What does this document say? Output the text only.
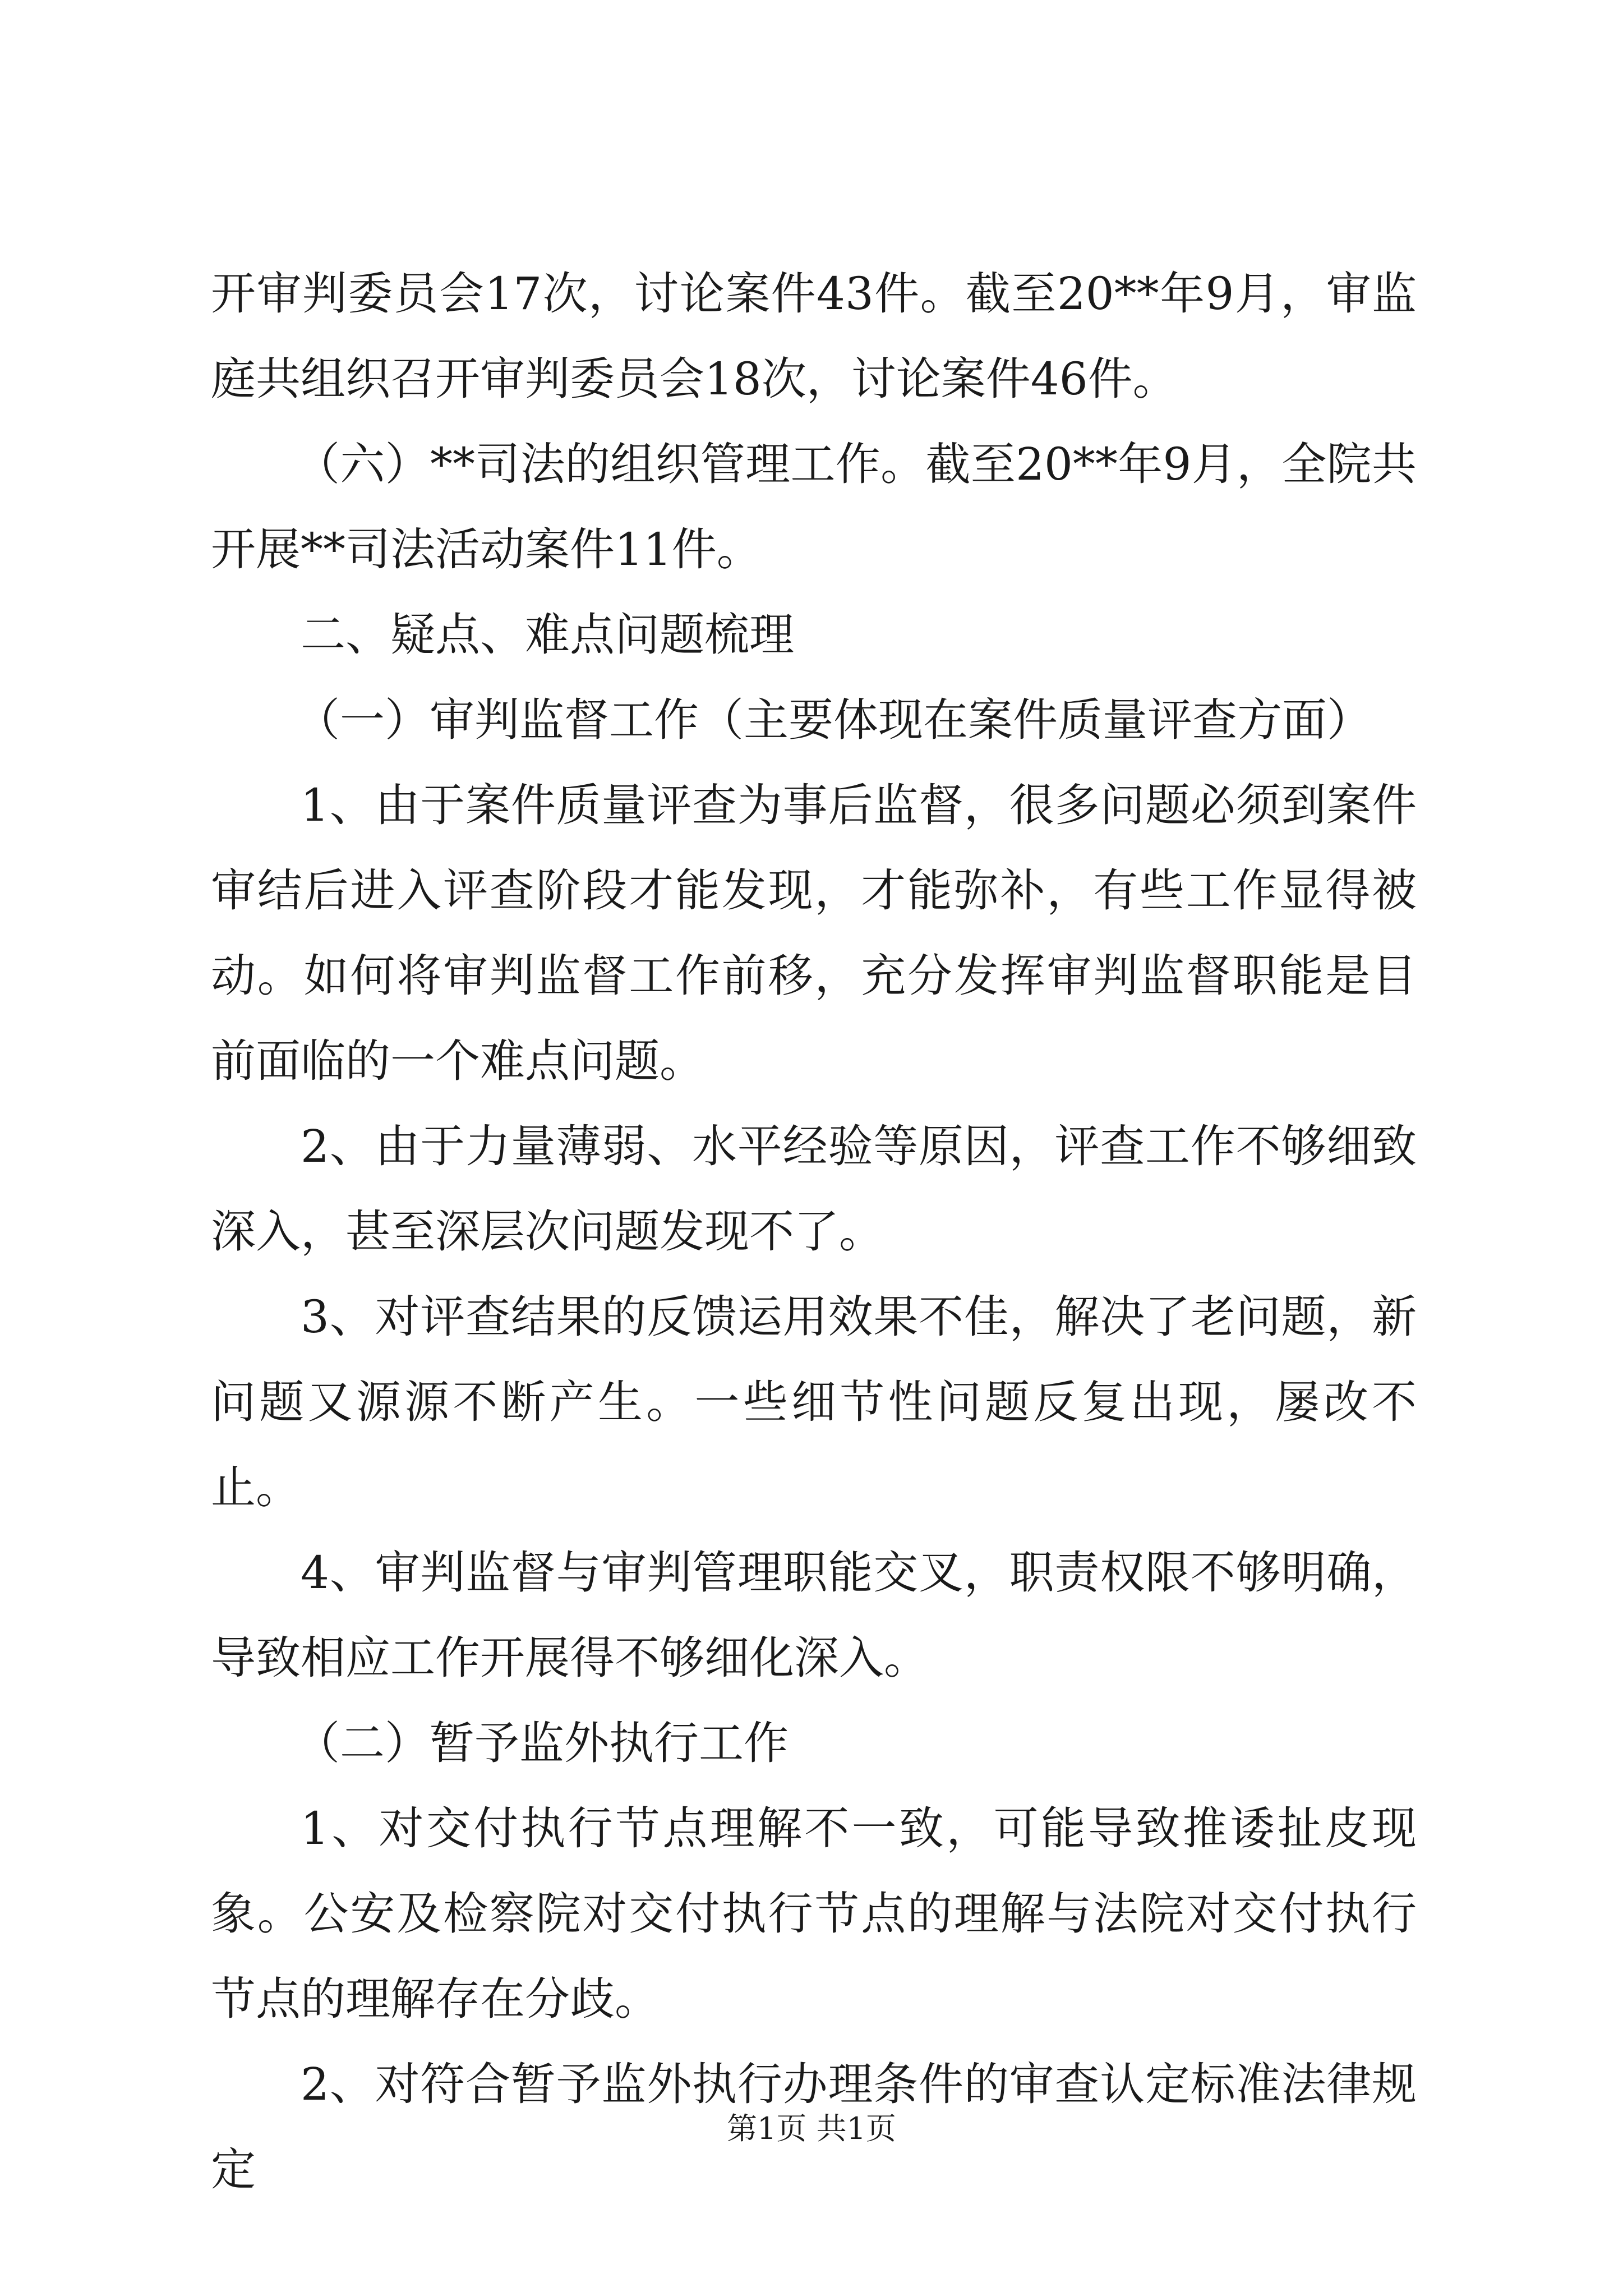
开审判委员会17次，讨论案件43件。截至20**年9月，审监庭共组织召开审判委员会18次，讨论案件46件。

（六）**司法的组织管理工作。截至20**年9月，全院共开展**司法活动案件11件。

二、疑点、难点问题梳理

（一）审判监督工作（主要体现在案件质量评查方面）

1、由于案件质量评查为事后监督，很多问题必须到案件审结后进入评查阶段才能发现，才能弥补，有些工作显得被动。如何将审判监督工作前移，充分发挥审判监督职能是目前面临的一个难点问题。

2、由于力量薄弱、水平经验等原因，评查工作不够细致深入，甚至深层次问题发现不了。

3、对评查结果的反馈运用效果不佳，解决了老问题，新问题又源源不断产生。一些细节性问题反复出现，屡改不止。

4、审判监督与审判管理职能交叉，职责权限不够明确，导致相应工作开展得不够细化深入。

（二）暂予监外执行工作

1、对交付执行节点理解不一致，可能导致推诿扯皮现象。公安及检察院对交付执行节点的理解与法院对交付执行节点的理解存在分歧。

2、对符合暂予监外执行办理条件的审查认定标准法律规定

第1页 共1页
